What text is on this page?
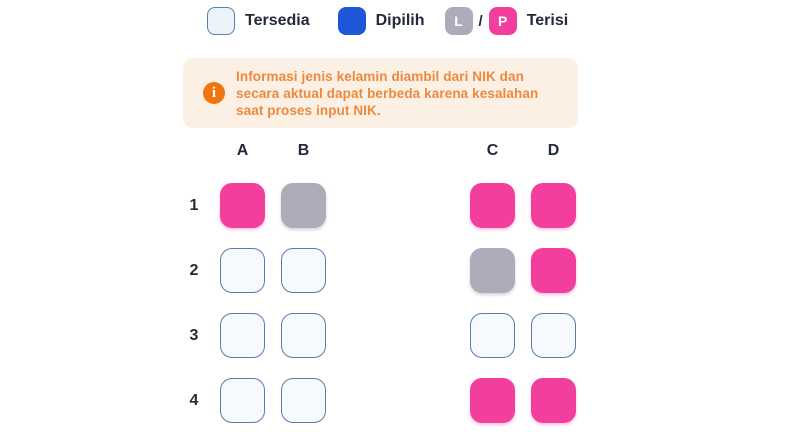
Tersedia	Dipilih	L	/	P	Terisi
i

Informasi jenis kelamin diambil dari NIK dan secara aktual dapat berbeda karena kesalahan saat proses input NIK.

A	B	C	D
1
2
3
4
